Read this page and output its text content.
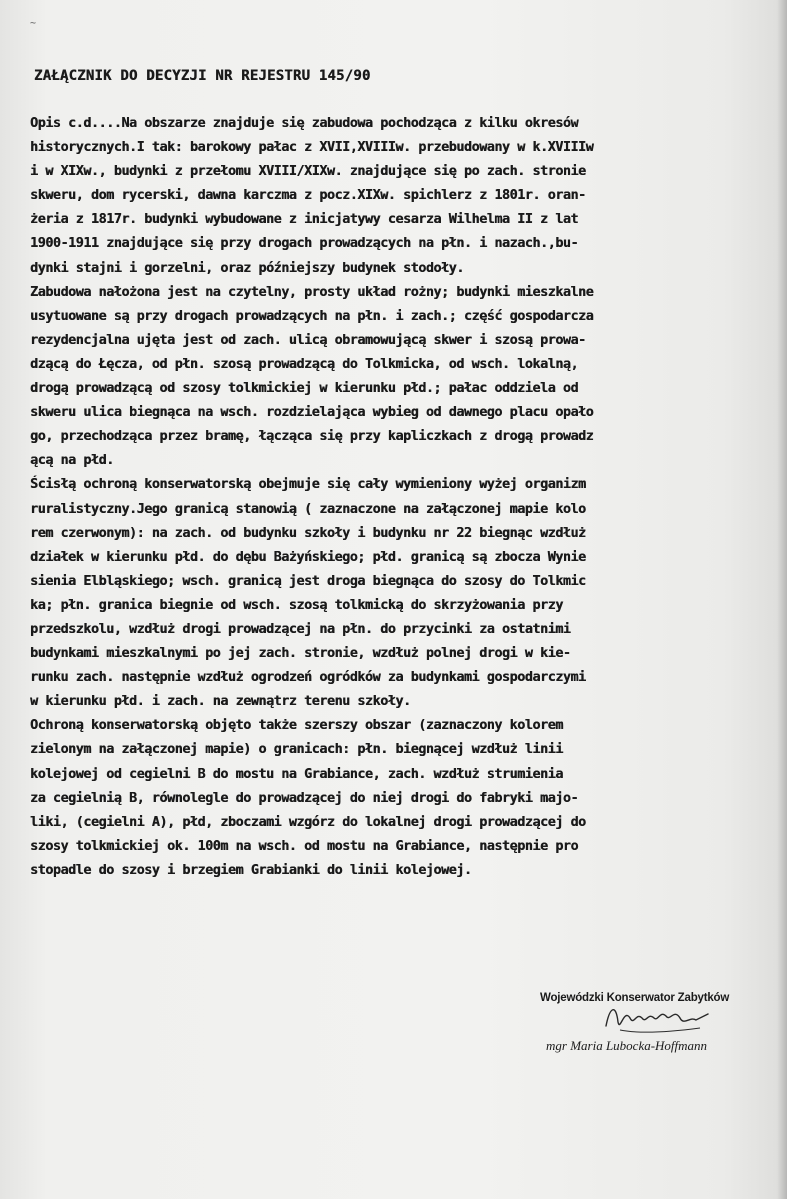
~
ZAŁĄCZNIK DO DECYZJI NR REJESTRU 145/90
Opis c.d....Na obszarze znajduje się zabudowa pochodząca z kilku okresów
historycznych.I tak: barokowy pałac z XVII,XVIIIw. przebudowany w k.XVIIIw
i w XIXw., budynki z przełomu XVIII/XIXw. znajdujące się po zach. stronie
skweru, dom rycerski, dawna karczma z pocz.XIXw. spichlerz z 1801r. oran-
żeria z 1817r. budynki wybudowane z inicjatywy cesarza Wilhelma II z lat
1900-1911 znajdujące się przy drogach prowadzących na płn. i nazach.,bu-
dynki stajni i gorzelni, oraz późniejszy budynek stodoły.
Zabudowa nałożona jest na czytelny, prosty układ rożny; budynki mieszkalne
usytuowane są przy drogach prowadzących na płn. i zach.; część gospodarcza
rezydencjalna ujęta jest od zach. ulicą obramowującą skwer i szosą prowa-
dzącą do Łęcza, od płn. szosą prowadzącą do Tolkmicka, od wsch. lokalną,
drogą prowadzącą od szosy tolkmickiej w kierunku płd.; pałac oddziela od
skweru ulica biegnąca na wsch. rozdzielająca wybieg od dawnego placu opało
go, przechodząca przez bramę, łącząca się przy kapliczkach z drogą prowadz
ącą na płd.
Ścisłą ochroną konserwatorską obejmuje się cały wymieniony wyżej organizm
ruralistyczny.Jego granicą stanowią ( zaznaczone na załączonej mapie kolo
rem czerwonym): na zach. od budynku szkoły i budynku nr 22 biegnąc wzdłuż
działek w kierunku płd. do dębu Bażyńskiego; płd. granicą są zbocza Wynie
sienia Elbląskiego; wsch. granicą jest droga biegnąca do szosy do Tolkmic
ka; płn. granica biegnie od wsch. szosą tolkmicką do skrzyżowania przy
przedszkolu, wzdłuż drogi prowadzącej na płn. do przycinki za ostatnimi
budynkami mieszkalnymi po jej zach. stronie, wzdłuż polnej drogi w kie-
runku zach. następnie wzdłuż ogrodzeń ogródków za budynkami gospodarczymi
w kierunku płd. i zach. na zewnątrz terenu szkoły.
Ochroną konserwatorską objęto także szerszy obszar (zaznaczony kolorem
zielonym na załączonej mapie) o granicach: płn. biegnącej wzdłuż linii
kolejowej od cegielni B do mostu na Grabiance, zach. wzdłuż strumienia
za cegielnią B, równolegle do prowadzącej do niej drogi do fabryki majo-
liki, (cegielni A), płd, zboczami wzgórz do lokalnej drogi prowadzącej do
szosy tolkmickiej ok. 100m na wsch. od mostu na Grabiance, następnie pro
stopadle do szosy i brzegiem Grabianki do linii kolejowej.
Wojewódzki Konserwator Zabytków
mgr Maria Lubocka-Hoffmann
